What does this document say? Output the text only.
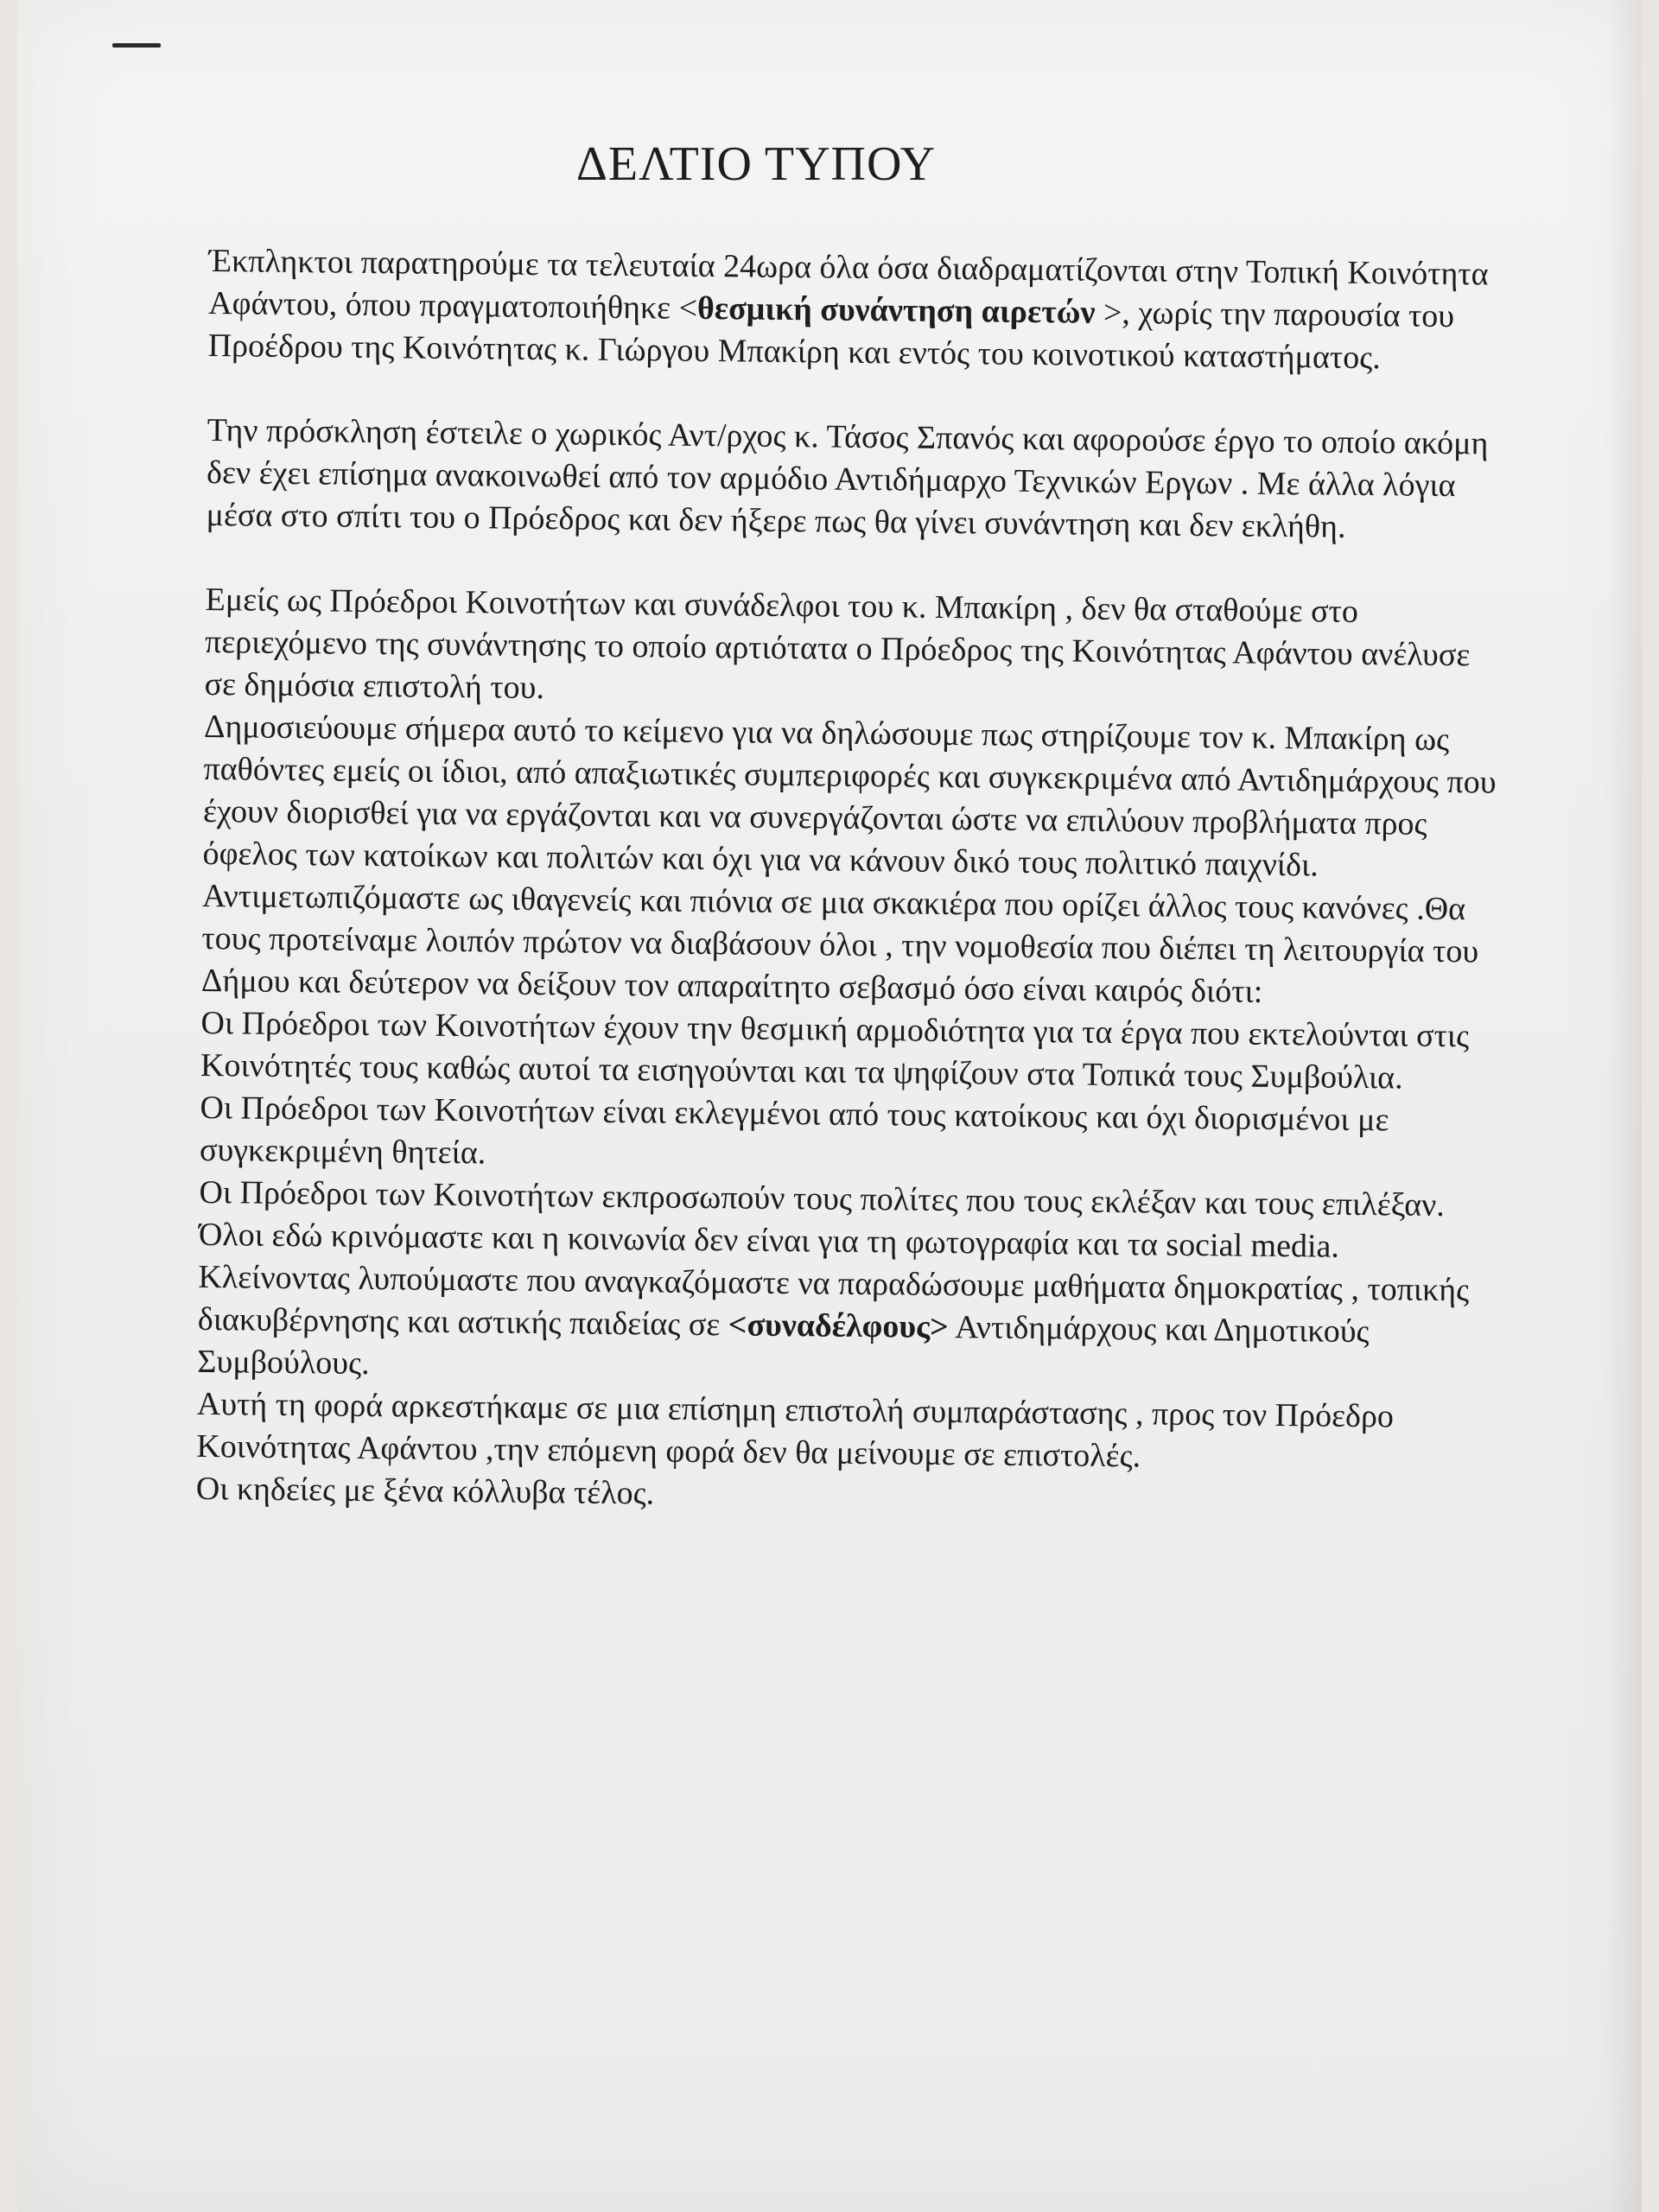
ΔΕΛΤΙΟ ΤΥΠΟΥ

Έκπληκτοι παρατηρούμε τα τελευταία 24ωρα όλα όσα διαδραματίζονται στην Τοπική Κοινότητα Αφάντου, όπου πραγματοποιήθηκε <θεσμική συνάντηση αιρετών >, χωρίς την παρουσία του Προέδρου της Κοινότητας κ. Γιώργου Μπακίρη και εντός του κοινοτικού καταστήματος.

Την πρόσκληση έστειλε ο χωρικός Αντ/ρχος κ. Τάσος Σπανός και αφορούσε έργο το οποίο ακόμη δεν έχει επίσημα ανακοινωθεί από τον αρμόδιο Αντιδήμαρχο Τεχνικών Εργων . Με άλλα λόγια μέσα στο σπίτι του ο Πρόεδρος και δεν ήξερε πως θα γίνει συνάντηση και δεν εκλήθη.

Εμείς ως Πρόεδροι Κοινοτήτων και συνάδελφοι του κ. Μπακίρη , δεν θα σταθούμε στο περιεχόμενο της συνάντησης το οποίο αρτιότατα ο Πρόεδρος της Κοινότητας Αφάντου ανέλυσε σε δημόσια επιστολή του.

Δημοσιεύουμε σήμερα αυτό το κείμενο για να δηλώσουμε πως στηρίζουμε τον κ. Μπακίρη ως παθόντες εμείς οι ίδιοι, από απαξιωτικές συμπεριφορές και συγκεκριμένα από Αντιδημάρχους που έχουν διορισθεί για να εργάζονται και να συνεργάζονται ώστε να επιλύουν προβλήματα προς όφελος των κατοίκων και πολιτών και όχι για να κάνουν δικό τους πολιτικό παιχνίδι.

Αντιμετωπιζόμαστε ως ιθαγενείς και πιόνια σε μια σκακιέρα που ορίζει άλλος τους κανόνες .Θα τους προτείναμε λοιπόν πρώτον να διαβάσουν όλοι , την νομοθεσία που διέπει τη λειτουργία του Δήμου και δεύτερον να δείξουν τον απαραίτητο σεβασμό όσο είναι καιρός διότι:

Οι Πρόεδροι των Κοινοτήτων έχουν την θεσμική αρμοδιότητα για τα έργα που εκτελούνται στις Κοινότητές τους καθώς αυτοί τα εισηγούνται και τα ψηφίζουν στα Τοπικά τους Συμβούλια.

Οι Πρόεδροι των Κοινοτήτων είναι εκλεγμένοι από τους κατοίκους και όχι διορισμένοι με συγκεκριμένη θητεία.

Οι Πρόεδροι των Κοινοτήτων εκπροσωπούν τους πολίτες που τους εκλέξαν και τους επιλέξαν.

Όλοι εδώ κρινόμαστε και η κοινωνία δεν είναι για τη φωτογραφία και τα social media.

Κλείνοντας λυπούμαστε που αναγκαζόμαστε να παραδώσουμε μαθήματα δημοκρατίας , τοπικής διακυβέρνησης και αστικής παιδείας σε <συναδέλφους> Αντιδημάρχους και Δημοτικούς Συμβούλους.

Αυτή τη φορά αρκεστήκαμε σε μια επίσημη επιστολή συμπαράστασης , προς τον Πρόεδρο Κοινότητας Αφάντου ,την επόμενη φορά δεν θα μείνουμε σε επιστολές.

Οι κηδείες με ξένα κόλλυβα τέλος.
